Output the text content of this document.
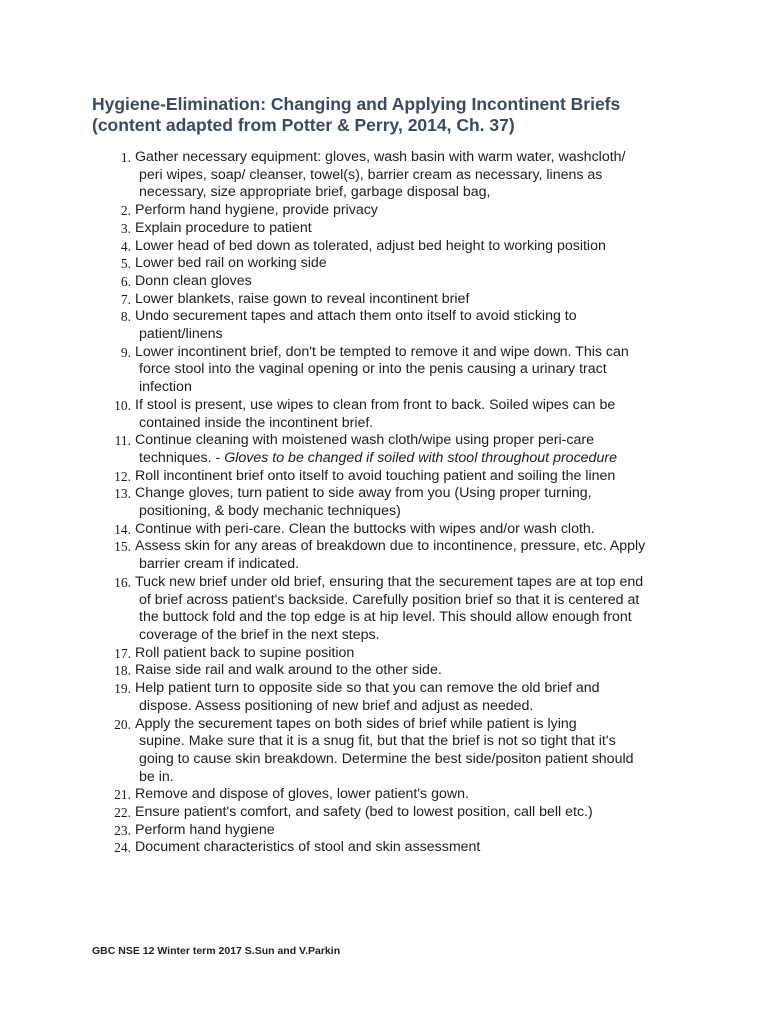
Hygiene-Elimination: Changing and Applying Incontinent Briefs
(content adapted from Potter & Perry, 2014, Ch. 37)
1. Gather necessary equipment: gloves, wash basin with warm water, washcloth/
peri wipes, soap/ cleanser, towel(s), barrier cream as necessary, linens as
necessary, size appropriate brief, garbage disposal bag,
2. Perform hand hygiene, provide privacy
3. Explain procedure to patient
4. Lower head of bed down as tolerated, adjust bed height to working position
5. Lower bed rail on working side
6. Donn clean gloves
7. Lower blankets, raise gown to reveal incontinent brief
8. Undo securement tapes and attach them onto itself to avoid sticking to
patient/linens
9. Lower incontinent brief, don't be tempted to remove it and wipe down. This can
force stool into the vaginal opening or into the penis causing a urinary tract
infection
10. If stool is present, use wipes to clean from front to back. Soiled wipes can be
contained inside the incontinent brief.
11. Continue cleaning with moistened wash cloth/wipe using proper peri-care
techniques. - Gloves to be changed if soiled with stool throughout procedure
12. Roll incontinent brief onto itself to avoid touching patient and soiling the linen
13. Change gloves, turn patient to side away from you (Using proper turning,
positioning, & body mechanic techniques)
14. Continue with peri-care. Clean the buttocks with wipes and/or wash cloth.
15. Assess skin for any areas of breakdown due to incontinence, pressure, etc. Apply
barrier cream if indicated.
16. Tuck new brief under old brief, ensuring that the securement tapes are at top end
of brief across patient's backside. Carefully position brief so that it is centered at
the buttock fold and the top edge is at hip level. This should allow enough front
coverage of the brief in the next steps.
17. Roll patient back to supine position
18. Raise side rail and walk around to the other side.
19. Help patient turn to opposite side so that you can remove the old brief and
dispose. Assess positioning of new brief and adjust as needed.
20. Apply the securement tapes on both sides of brief while patient is lying
supine. Make sure that it is a snug fit, but that the brief is not so tight that it's
going to cause skin breakdown. Determine the best side/positon patient should
be in.
21. Remove and dispose of gloves, lower patient's gown.
22. Ensure patient's comfort, and safety (bed to lowest position, call bell etc.)
23. Perform hand hygiene
24. Document characteristics of stool and skin assessment
GBC NSE 12 Winter term 2017 S.Sun and V.Parkin
